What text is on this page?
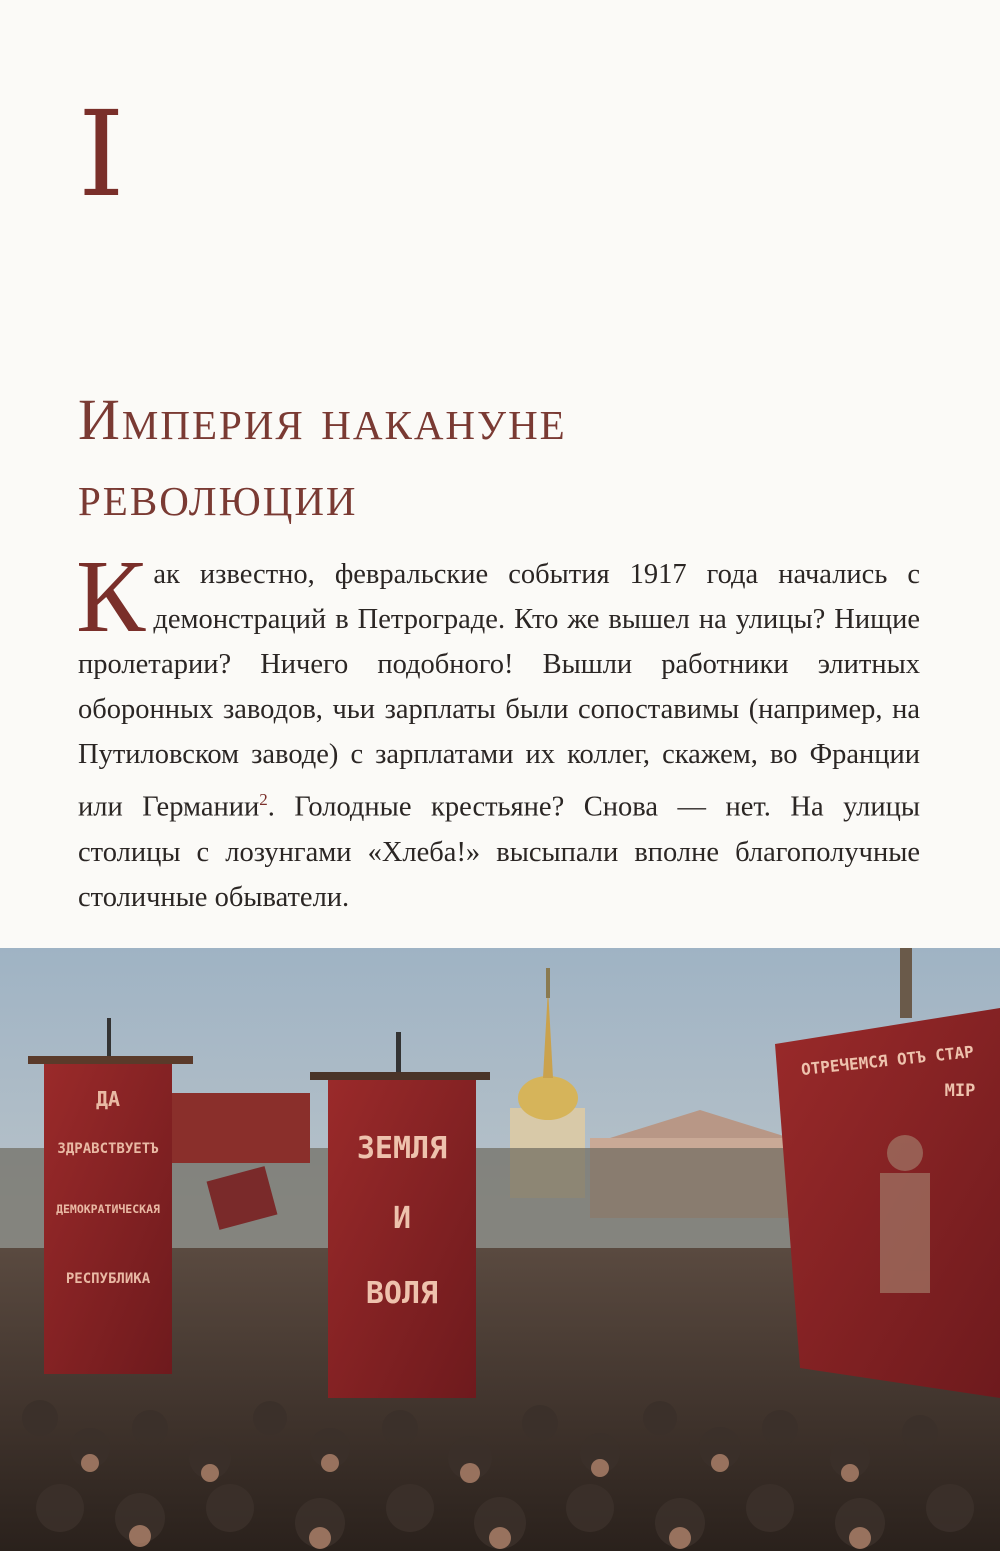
I
Империя накануне
революции
Как известно, февральские события 1917 года начались с демонстраций в Петрограде. Кто же вышел на улицы? Нищие пролетарии? Ничего подобного! Вышли работники элитных оборонных заводов, чьи зарплаты были сопоставимы (например, на Путиловском заводе) с зарплатами их коллег, скажем, во Франции или Германии$^2$. Голодные крестьяне? Снова — нет. На улицы столицы с лозунгами «Хлеба!» высыпали вполне благополучные столичные обыватели.
ДА
ЗДРАВСТВУЕТЪ
ДЕМОКРАТИЧЕСКАЯ
РЕСПУБЛИКА
ЗЕМЛЯ
И
ВОЛЯ
ОТРЕЧЕМСЯ ОТЪ СТАР
МIР
